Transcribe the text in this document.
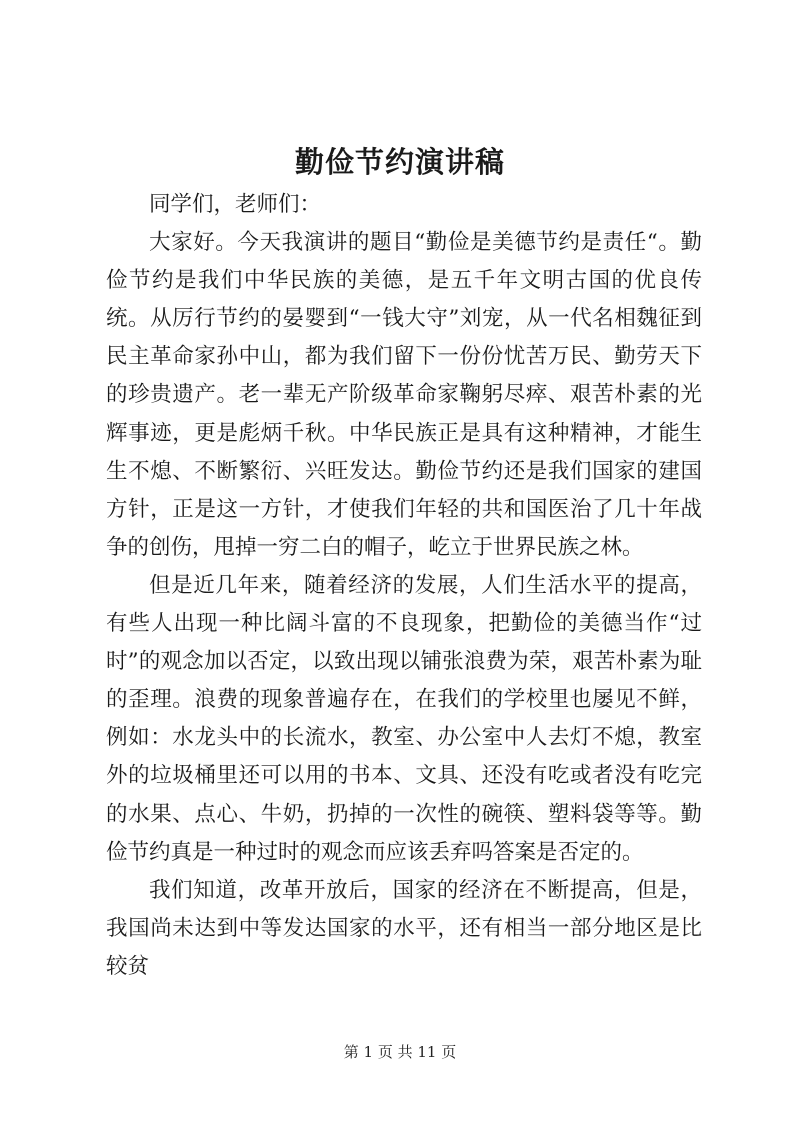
勤俭节约演讲稿

同学们，老师们：

大家好。今天我演讲的题目“勤俭是美德节约是责任“。勤俭节约是我们中华民族的美德，是五千年文明古国的优良传统。从厉行节约的晏婴到“一钱大守”刘宠，从一代名相魏征到民主革命家孙中山，都为我们留下一份份忧苦万民、勤劳天下的珍贵遗产。老一辈无产阶级革命家鞠躬尽瘁、艰苦朴素的光辉事迹，更是彪炳千秋。中华民族正是具有这种精神，才能生生不熄、不断繁衍、兴旺发达。勤俭节约还是我们国家的建国方针，正是这一方针，才使我们年轻的共和国医治了几十年战争的创伤，甩掉一穷二白的帽子，屹立于世界民族之林。

但是近几年来，随着经济的发展，人们生活水平的提高，有些人出现一种比阔斗富的不良现象，把勤俭的美德当作“过时”的观念加以否定，以致出现以铺张浪费为荣，艰苦朴素为耻的歪理。浪费的现象普遍存在，在我们的学校里也屡见不鲜，例如：水龙头中的长流水，教室、办公室中人去灯不熄，教室外的垃圾桶里还可以用的书本、文具、还没有吃或者没有吃完的水果、点心、牛奶，扔掉的一次性的碗筷、塑料袋等等。勤俭节约真是一种过时的观念而应该丢弃吗答案是否定的。

我们知道，改革开放后，国家的经济在不断提高，但是，我国尚未达到中等发达国家的水平，还有相当一部分地区是比较贫

第 1 页 共 11 页
